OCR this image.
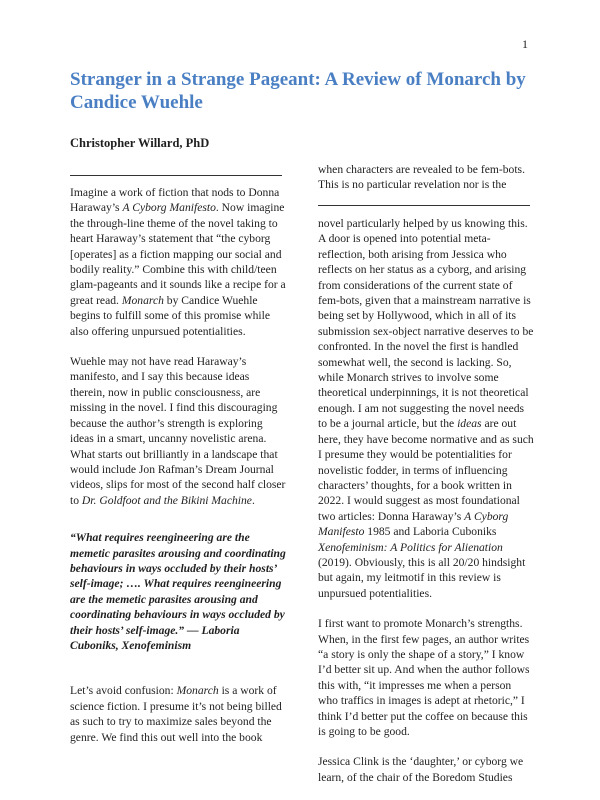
1
Stranger in a Strange Pageant: A Review of Monarch by Candice Wuehle
Christopher Willard, PhD

Imagine a work of fiction that nods to Donna Haraway’s A Cyborg Manifesto. Now imagine the through-line theme of the novel taking to heart Haraway’s statement that “the cyborg [operates] as a fiction mapping our social and bodily reality.” Combine this with child/teen glam-pageants and it sounds like a recipe for a great read. Monarch by Candice Wuehle begins to fulfill some of this promise while also offering unpursued potentialities.

Wuehle may not have read Haraway’s manifesto, and I say this because ideas therein, now in public consciousness, are missing in the novel. I find this discouraging because the author’s strength is exploring ideas in a smart, uncanny novelistic arena. What starts out brilliantly in a landscape that would include Jon Rafman’s Dream Journal videos, slips for most of the second half closer to Dr. Goldfoot and the Bikini Machine.

“What requires reengineering are the memetic parasites arousing and coordinating behaviours in ways occluded by their hosts’ self-image; …. What requires reengineering are the memetic parasites arousing and coordinating behaviours in ways occluded by their hosts’ self-image.” — Laboria Cuboniks, Xenofeminism

Let’s avoid confusion: Monarch is a work of science fiction. I presume it’s not being billed as such to try to maximize sales beyond the genre. We find this out well into the book

when characters are revealed to be fem-bots. This is no particular revelation nor is the

novel particularly helped by us knowing this. A door is opened into potential meta-reflection, both arising from Jessica who reflects on her status as a cyborg, and arising from considerations of the current state of fem-bots, given that a mainstream narrative is being set by Hollywood, which in all of its submission sex-object narrative deserves to be confronted. In the novel the first is handled somewhat well, the second is lacking. So, while Monarch strives to involve some theoretical underpinnings, it is not theoretical enough. I am not suggesting the novel needs to be a journal article, but the ideas are out here, they have become normative and as such I presume they would be potentialities for novelistic fodder, in terms of influencing characters’ thoughts, for a book written in 2022. I would suggest as most foundational two articles: Donna Haraway’s A Cyborg Manifesto 1985 and Laboria Cuboniks Xenofeminism: A Politics for Alienation (2019). Obviously, this is all 20/20 hindsight but again, my leitmotif in this review is unpursued potentialities.

I first want to promote Monarch’s strengths. When, in the first few pages, an author writes “a story is only the shape of a story,” I know I’d better sit up. And when the author follows this with, “it impresses me when a person who traffics in images is adept at rhetoric,” I think I’d better put the coffee on because this is going to be good.

Jessica Clink is the ‘daughter,’ or cyborg we learn, of the chair of the Boredom Studies
